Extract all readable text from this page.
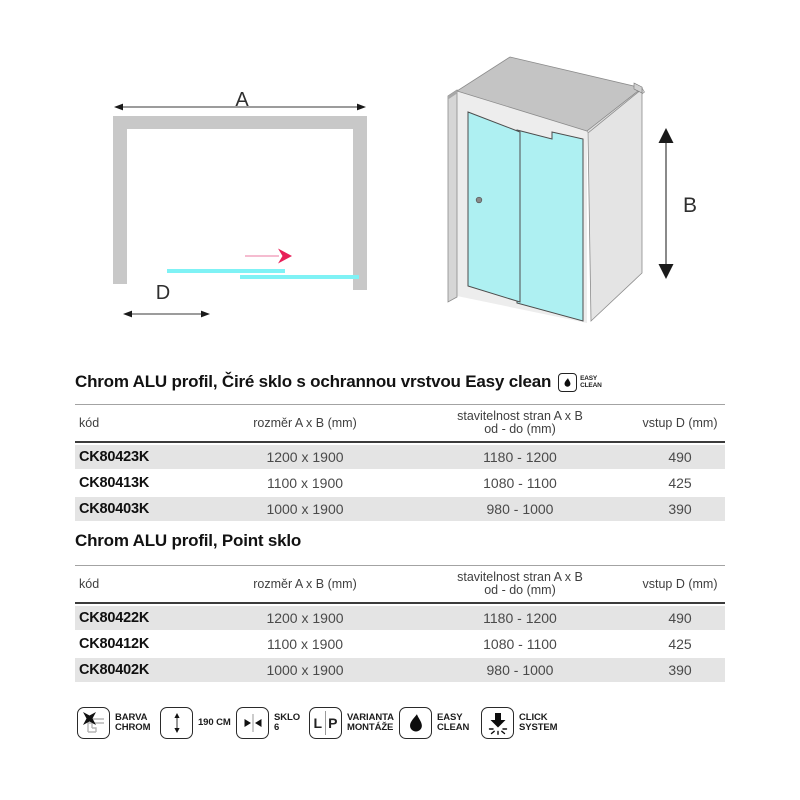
A
D
B
Chrom ALU profil, Čiré sklo s ochrannou vrstvou Easy clean	EASY
CLEAN
kód	rozměr A x B (mm)	stavitelnost stran A x B
od - do (mm)	vstup D (mm)
CK80423K	1200 x 1900	1180 - 1200	490
CK80413K	1100 x 1900	1080 - 1100	425
CK80403K	1000 x 1900	980 - 1000	390
Chrom ALU profil, Point sklo
kód	rozměr A x B (mm)	stavitelnost stran A x B
od - do (mm)	vstup D (mm)
CK80422K	1200 x 1900	1180 - 1200	490
CK80412K	1100 x 1900	1080 - 1100	425
CK80402K	1000 x 1900	980 - 1000	390
BARVA
CHROM	190 CM	SKLO
6	L P VARIANTA
MONTÁŽE
EASY
CLEAN
CLICK
SYSTEM
